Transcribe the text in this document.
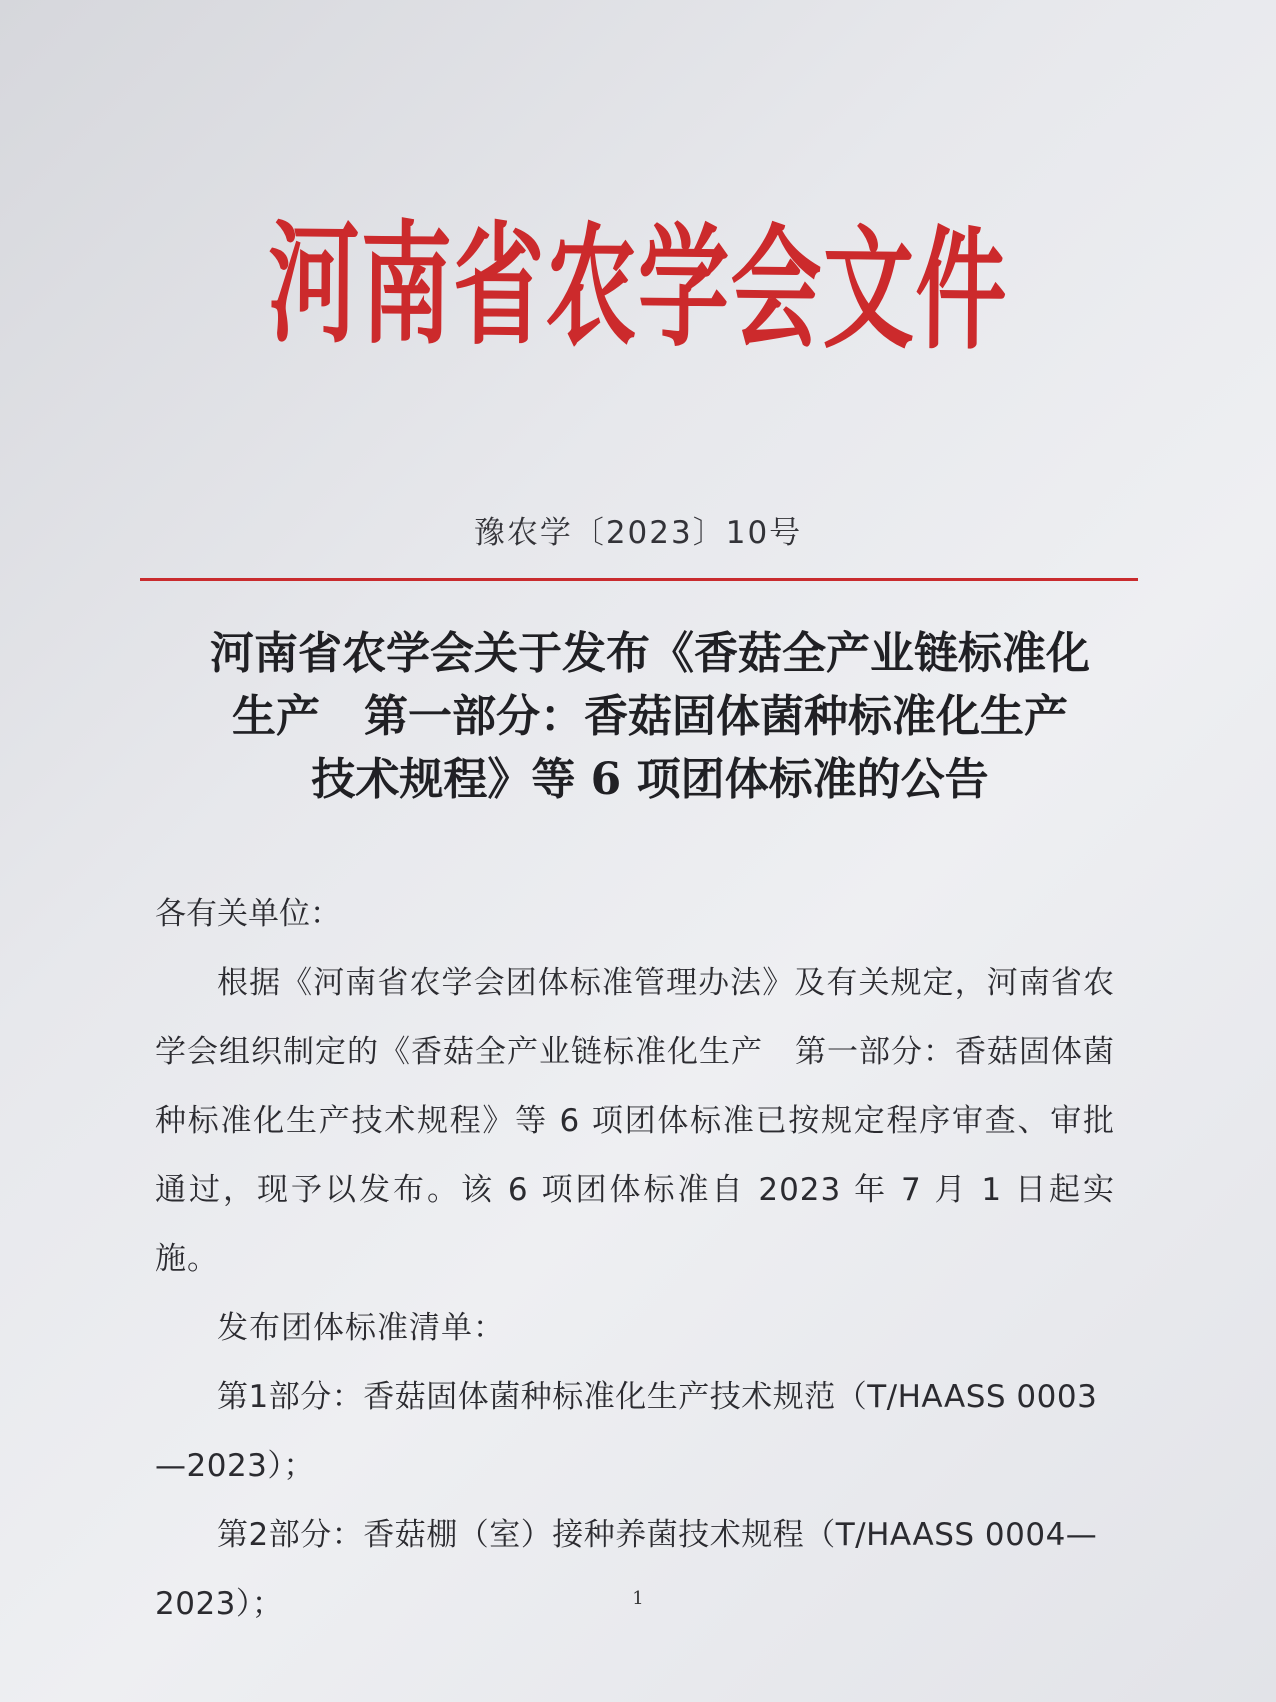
河南省农学会文件
豫农学〔2023〕10号
河南省农学会关于发布《香菇全产业链标准化
生产　第一部分：香菇固体菌种标准化生产
技术规程》等 6 项团体标准的公告

各有关单位：

根据《河南省农学会团体标准管理办法》及有关规定，河南省农学会组织制定的《香菇全产业链标准化生产　第一部分：香菇固体菌种标准化生产技术规程》等 6 项团体标准已按规定程序审查、审批通过，现予以发布。该 6 项团体标准自 2023 年 7 月 1 日起实施。

发布团体标准清单：

第1部分：香菇固体菌种标准化生产技术规范（T/HAASS 0003—2023）；

第2部分：香菇棚（室）接种养菌技术规程（T/HAASS 0004—2023）；	1
